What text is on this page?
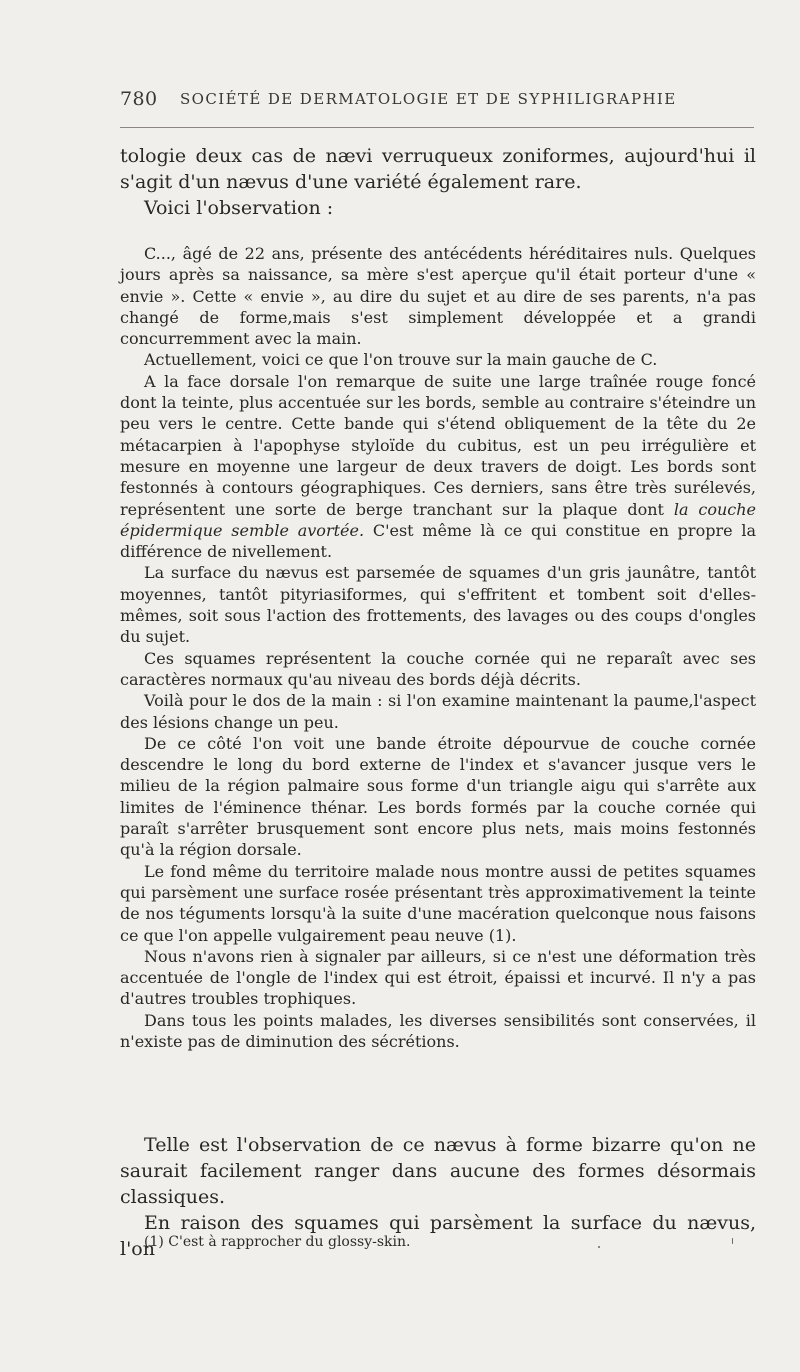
780 SOCIÉTÉ DE DERMATOLOGIE ET DE SYPHILIGRAPHIE

tologie deux cas de nævi verruqueux zoniformes, aujourd'hui il s'agit d'un nævus d'une variété également rare.

Voici l'observation :

C..., âgé de 22 ans, présente des antécédents héréditaires nuls. Quelques jours après sa naissance, sa mère s'est aperçue qu'il était porteur d'une « envie ». Cette « envie », au dire du sujet et au dire de ses parents, n'a pas changé de forme,mais s'est simplement développée et a grandi concurremment avec la main.

Actuellement, voici ce que l'on trouve sur la main gauche de C.

A la face dorsale l'on remarque de suite une large traînée rouge foncé dont la teinte, plus accentuée sur les bords, semble au contraire s'éteindre un peu vers le centre. Cette bande qui s'étend obliquement de la tête du 2e métacarpien à l'apophyse styloïde du cubitus, est un peu irrégulière et mesure en moyenne une largeur de deux travers de doigt. Les bords sont festonnés à contours géographiques. Ces derniers, sans être très surélevés, représentent une sorte de berge tranchant sur la plaque dont la couche épidermique semble avortée. C'est même là ce qui constitue en propre la différence de nivellement.

La surface du nævus est parsemée de squames d'un gris jaunâtre, tantôt moyennes, tantôt pityriasiformes, qui s'effritent et tombent soit d'elles-mêmes, soit sous l'action des frottements, des lavages ou des coups d'ongles du sujet.

Ces squames représentent la couche cornée qui ne reparaît avec ses caractères normaux qu'au niveau des bords déjà décrits.

Voilà pour le dos de la main : si l'on examine maintenant la paume,l'aspect des lésions change un peu.

De ce côté l'on voit une bande étroite dépourvue de couche cornée descendre le long du bord externe de l'index et s'avancer jusque vers le milieu de la région palmaire sous forme d'un triangle aigu qui s'arrête aux limites de l'éminence thénar. Les bords formés par la couche cornée qui paraît s'arrêter brusquement sont encore plus nets, mais moins festonnés qu'à la région dorsale.

Le fond même du territoire malade nous montre aussi de petites squames qui parsèment une surface rosée présentant très approximativement la teinte de nos téguments lorsqu'à la suite d'une macération quelconque nous faisons ce que l'on appelle vulgairement peau neuve (1).

Nous n'avons rien à signaler par ailleurs, si ce n'est une déformation très accentuée de l'ongle de l'index qui est étroit, épaissi et incurvé. Il n'y a pas d'autres troubles trophiques.

Dans tous les points malades, les diverses sensibilités sont conservées, il n'existe pas de diminution des sécrétions.

Telle est l'observation de ce nævus à forme bizarre qu'on ne saurait facilement ranger dans aucune des formes désormais classiques.

En raison des squames qui parsèment la surface du nævus, l'on

(1) C'est à rapprocher du glossy-skin.
